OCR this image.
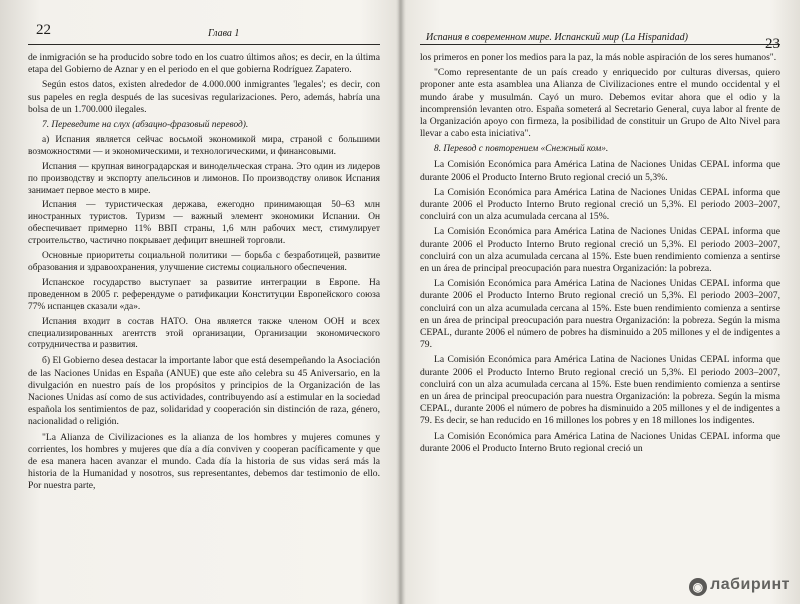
22	Глава 1

de inmigración se ha producido sobre todo en los cuatro últimos años; es decir, en la última etapa del Gobierno de Aznar y en el periodo en el que gobierna Rodríguez Zapatero.

Según estos datos, existen alrededor de 4.000.000 inmigrantes 'legales'; es decir, con sus papeles en regla después de las sucesivas regularizaciones. Pero, además, habría una bolsa de un 1.700.000 ilegales.

7. Переведите на слух (абзацно-фразовый перевод).

а) Испания является сейчас восьмой экономикой мира, страной с большими возможностями — и экономическими, и технологическими, и финансовыми.

Испания — крупная виноградарская и винодельческая страна. Это один из лидеров по производству и экспорту апельсинов и лимонов. По производству оливок Испания занимает первое место в мире.

Испания — туристическая держава, ежегодно принимающая 50–63 млн иностранных туристов. Туризм — важный элемент экономики Испании. Он обеспечивает примерно 11% ВВП страны, 1,6 млн рабочих мест, стимулирует строительство, частично покрывает дефицит внешней торговли.

Основные приоритеты социальной политики — борьба с безработицей, развитие образования и здравоохранения, улучшение системы социального обеспечения.

Испанское государство выступает за развитие интеграции в Европе. На проведенном в 2005 г. референдуме о ратификации Конституции Европейского союза 77% испанцев сказали «да».

Испания входит в состав НАТО. Она является также членом ООН и всех специализированных агентств этой организации, Организации экономического сотрудничества и развития.

б) El Gobierno desea destacar la importante labor que está desempeñando la Asociación de las Naciones Unidas en España (ANUE) que este año celebra su 45 Aniversario, en la divulgación en nuestro país de los propósitos y principios de la Organización de las Naciones Unidas así como de sus actividades, contribuyendo así a estimular en la sociedad española los sentimientos de paz, solidaridad y cooperación sin distinción de raza, género, nacionalidad o religión.

"La Alianza de Civilizaciones es la alianza de los hombres y mujeres comunes y corrientes, los hombres y mujeres que día a día conviven y cooperan pacíficamente y que de esa manera hacen avanzar el mundo. Cada día la historia de sus vidas será más la historia de la Humanidad y nosotros, sus representantes, debemos dar testimonio de ello. Por nuestra parte,

Испания в современном мире. Испанский мир (La Hispanidad)	23

los primeros en poner los medios para la paz, la más noble aspiración de los seres humanos".

"Como representante de un país creado y enriquecido por culturas diversas, quiero proponer ante esta asamblea una Alianza de Civilizaciones entre el mundo occidental y el mundo árabe y musulmán. Cayó un muro. Debemos evitar ahora que el odio y la incomprensión levanten otro. España someterá al Secretario General, cuya labor al frente de la Organización apoyo con firmeza, la posibilidad de constituir un Grupo de Alto Nivel para llevar a cabo esta iniciativa".

8. Перевод с повторением «Снежный ком».

La Comisión Económica para América Latina de Naciones Unidas CEPAL informa que durante 2006 el Producto Interno Bruto regional creció un 5,3%.

La Comisión Económica para América Latina de Naciones Unidas CEPAL informa que durante 2006 el Producto Interno Bruto regional creció un 5,3%. El periodo 2003–2007, concluirá con un alza acumulada cercana al 15%.

La Comisión Económica para América Latina de Naciones Unidas CEPAL informa que durante 2006 el Producto Interno Bruto regional creció un 5,3%. El periodo 2003–2007, concluirá con un alza acumulada cercana al 15%. Este buen rendimiento comienza a sentirse en un área de principal preocupación para nuestra Organización: la pobreza.

La Comisión Económica para América Latina de Naciones Unidas CEPAL informa que durante 2006 el Producto Interno Bruto regional creció un 5,3%. El periodo 2003–2007, concluirá con un alza acumulada cercana al 15%. Este buen rendimiento comienza a sentirse en un área de principal preocupación para nuestra Organización: la pobreza. Según la misma CEPAL, durante 2006 el número de pobres ha disminuido a 205 millones y el de indigentes a 79.

La Comisión Económica para América Latina de Naciones Unidas CEPAL informa que durante 2006 el Producto Interno Bruto regional creció un 5,3%. El periodo 2003–2007, concluirá con un alza acumulada cercana al 15%. Este buen rendimiento comienza a sentirse en un área de principal preocupación para nuestra Organización: la pobreza. Según la misma CEPAL, durante 2006 el número de pobres ha disminuido a 205 millones y el de indigentes a 79. Es decir, se han reducido en 16 millones los pobres y en 18 millones los indigentes.

La Comisión Económica para América Latina de Naciones Unidas CEPAL informa que durante 2006 el Producto Interno Bruto regional creció un

◉ лабиринт
